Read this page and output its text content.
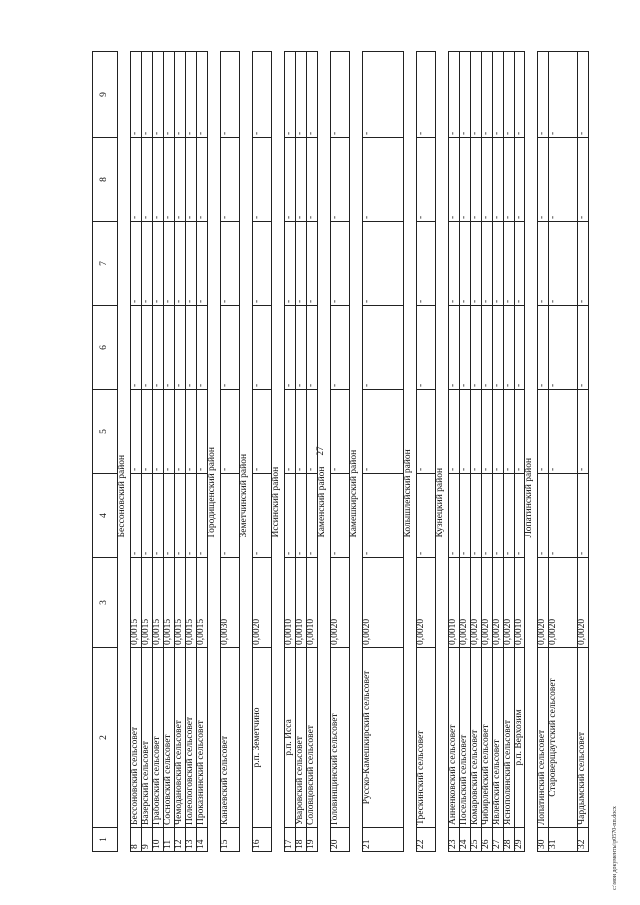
27
1	2	3	4	5	6	7	8	9
			Бессоновский район					
8	Бессоновский сельсовет	0,0015	-	-	-	-	-	-
9	Вазерский сельсовет	0,0015	-	-	-	-	-	-
10	Грабовский сельсовет	0,0015	-	-	-	-	-	-
11	Сосновский сельсовет	0,0015	-	-	-	-	-	-
12	Чемодановский сельсовет	0,0015	-	-	-	-	-	-
13	Полеологовский сельсовет	0,0015	-	-	-	-	-	-
14	Проказнинский сельсовет	0,0015	-	-	-	-	-	-
			Городищенский район					
15	Канаевский сельсовет	0,0030	-	-	-	-	-	-
			Земетчинский район					
16	р.п. Земетчино	0,0020	-	-	-	-	-	-
			Иссинский район					
17	р.п. Исса	0,0010	-	-	-	-	-	-
18	Уваровский сельсовет	0,0010	-	-	-	-	-	-
19	Соловцовский сельсовет	0,0010	-	-	-	-	-	-
			Каменский район					
20	Головинщинский сельсовет	0,0020	-	-	-	-	-	-
			Камешкирский район					
21	Русско-Камешкирский сельсовет	0,0020	-	-	-	-	-	-
			Колышлейский район					
22	Трескинский сельсовет	0,0020	-	-	-	-	-	-
			Кузнецкий район					
23	Анненковский сельсовет	0,0010	-	-	-	-	-	-
24	Посельский сельсовет	0,0020	-	-	-	-	-	-
25	Комаровский сельсовет	0,0020	-	-	-	-	-	-
26	Чибирлейский сельсовет	0,0020	-	-	-	-	-	-
27	Явлейский сельсовет	0,0020	-	-	-	-	-	-
28	Яснополянский сельсовет	0,0020	-	-	-	-	-	-
29	р.п. Верхозим	0,0010	-	-	-	-	-	-
			Лопатинский район					
30	Лопатинский сельсовет	0,0020	-	-	-	-	-	-
31	Староверщаутский сельсовет	0,0020	-	-	-	-	-	-
32	Чардымский сельсовет	0,0020	-	-	-	-	-	-
c:\мои документы\р0570-пп.docx
